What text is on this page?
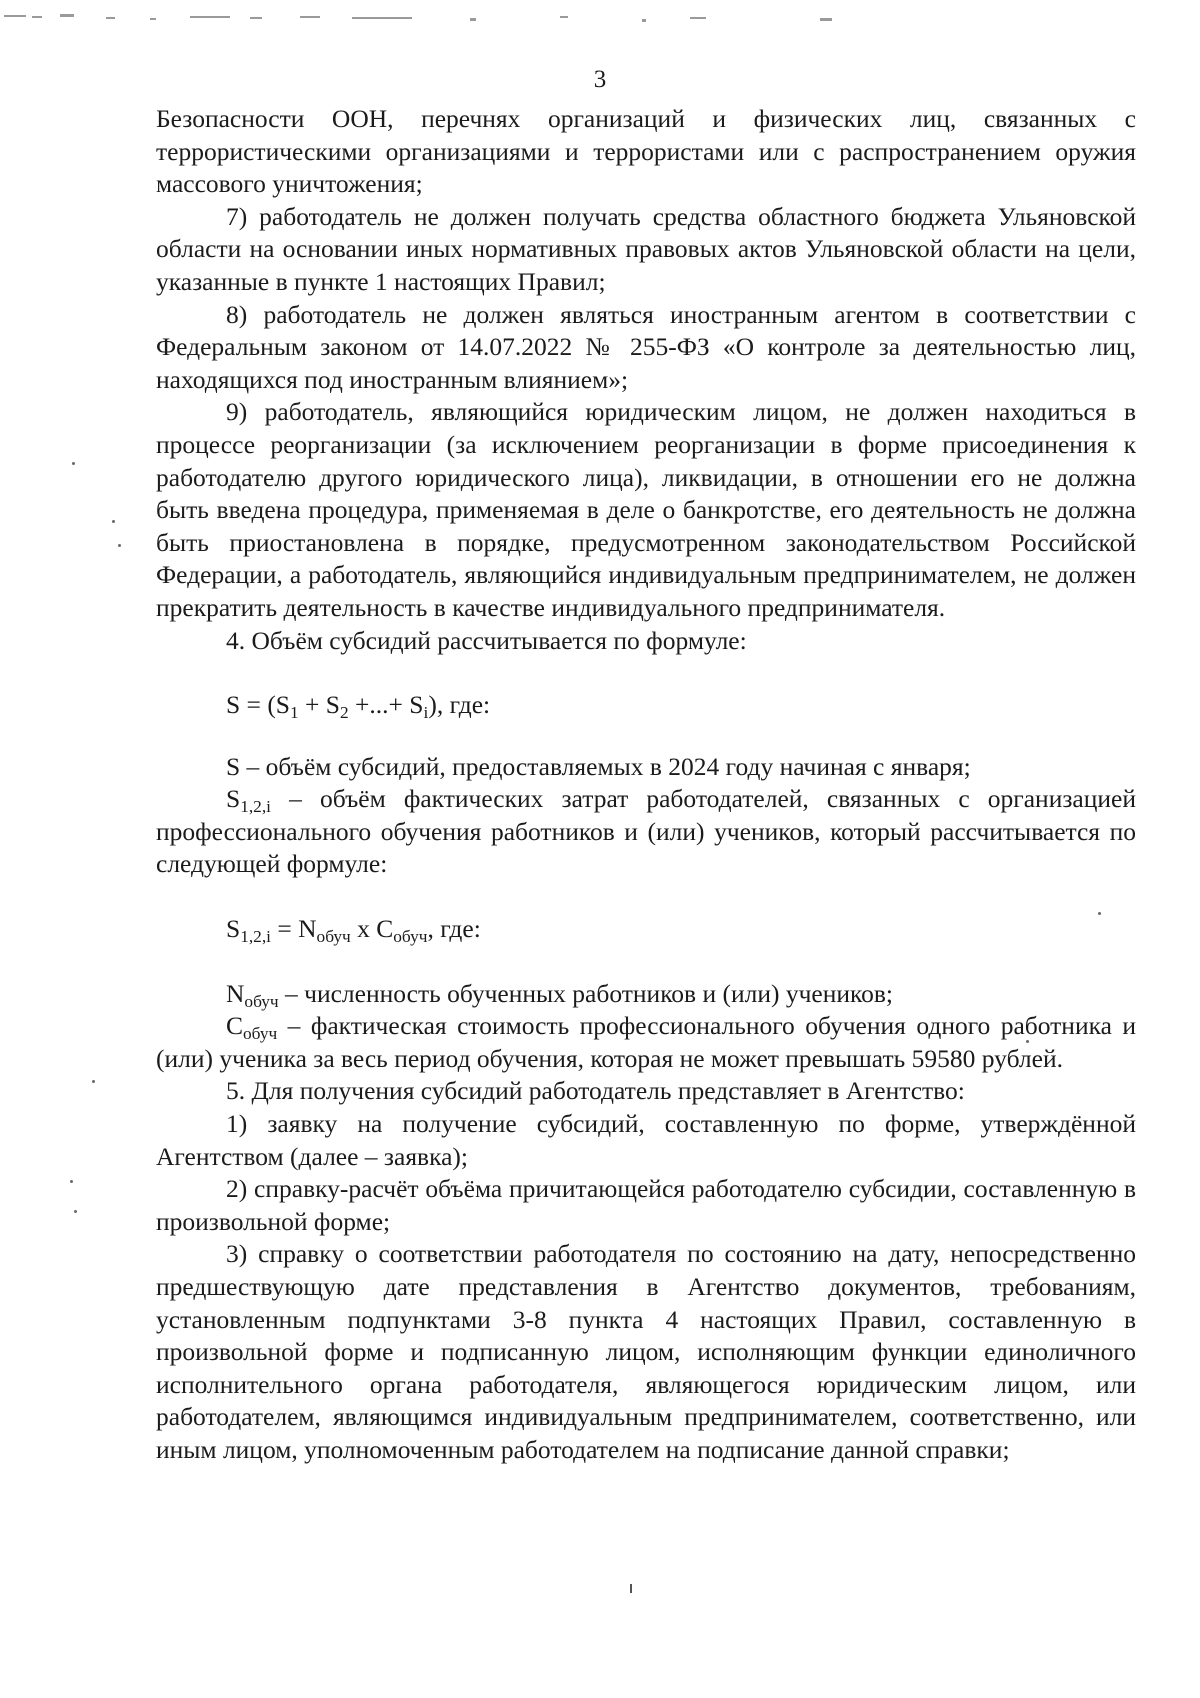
3

Безопасности ООН, перечнях организаций и физических лиц, связанных с террористическими организациями и террористами или с распространением оружия массового уничтожения;

7) работодатель не должен получать средства областного бюджета Ульяновской области на основании иных нормативных правовых актов Ульяновской области на цели, указанные в пункте 1 настоящих Правил;

8) работодатель не должен являться иностранным агентом в соответствии с Федеральным законом от 14.07.2022 № 255-ФЗ «О контроле за деятельностью лиц, находящихся под иностранным влиянием»;

9) работодатель, являющийся юридическим лицом, не должен находиться в процессе реорганизации (за исключением реорганизации в форме присоединения к работодателю другого юридического лица), ликвидации, в отношении его не должна быть введена процедура, применяемая в деле о банкротстве, его деятельность не должна быть приостановлена в порядке, предусмотренном законодательством Российской Федерации, а работодатель, являющийся индивидуальным предпринимателем, не должен прекратить деятельность в качестве индивидуального предпринимателя.

4. Объём субсидий рассчитывается по формуле:

$S = (S_1 + S_2$ +...+ $S_i$), где:

S – объём субсидий, предоставляемых в 2024 году начиная с января;

$S_{1,2,i}$ – объём фактических затрат работодателей, связанных с организацией профессионального обучения работников и (или) учеников, который рассчитывается по следующей формуле:

$S_{1,2,i} = N_{обуч}$ x $C_{обуч}$, где:

$N_{обуч}$ – численность обученных работников и (или) учеников;

$C_{обуч}$ – фактическая стоимость профессионального обучения одного работника и (или) ученика за весь период обучения, которая не может превышать 59580 рублей.

5. Для получения субсидий работодатель представляет в Агентство:

1) заявку на получение субсидий, составленную по форме, утверждённой Агентством (далее – заявка);

2) справку-расчёт объёма причитающейся работодателю субсидии, составленную в произвольной форме;

3) справку о соответствии работодателя по состоянию на дату, непосредственно предшествующую дате представления в Агентство документов, требованиям, установленным подпунктами 3-8 пункта 4 настоящих Правил, составленную в произвольной форме и подписанную лицом, исполняющим функции единоличного исполнительного органа работодателя, являющегося юридическим лицом, или работодателем, являющимся индивидуальным предпринимателем, соответственно, или иным лицом, уполномоченным работодателем на подписание данной справки;
